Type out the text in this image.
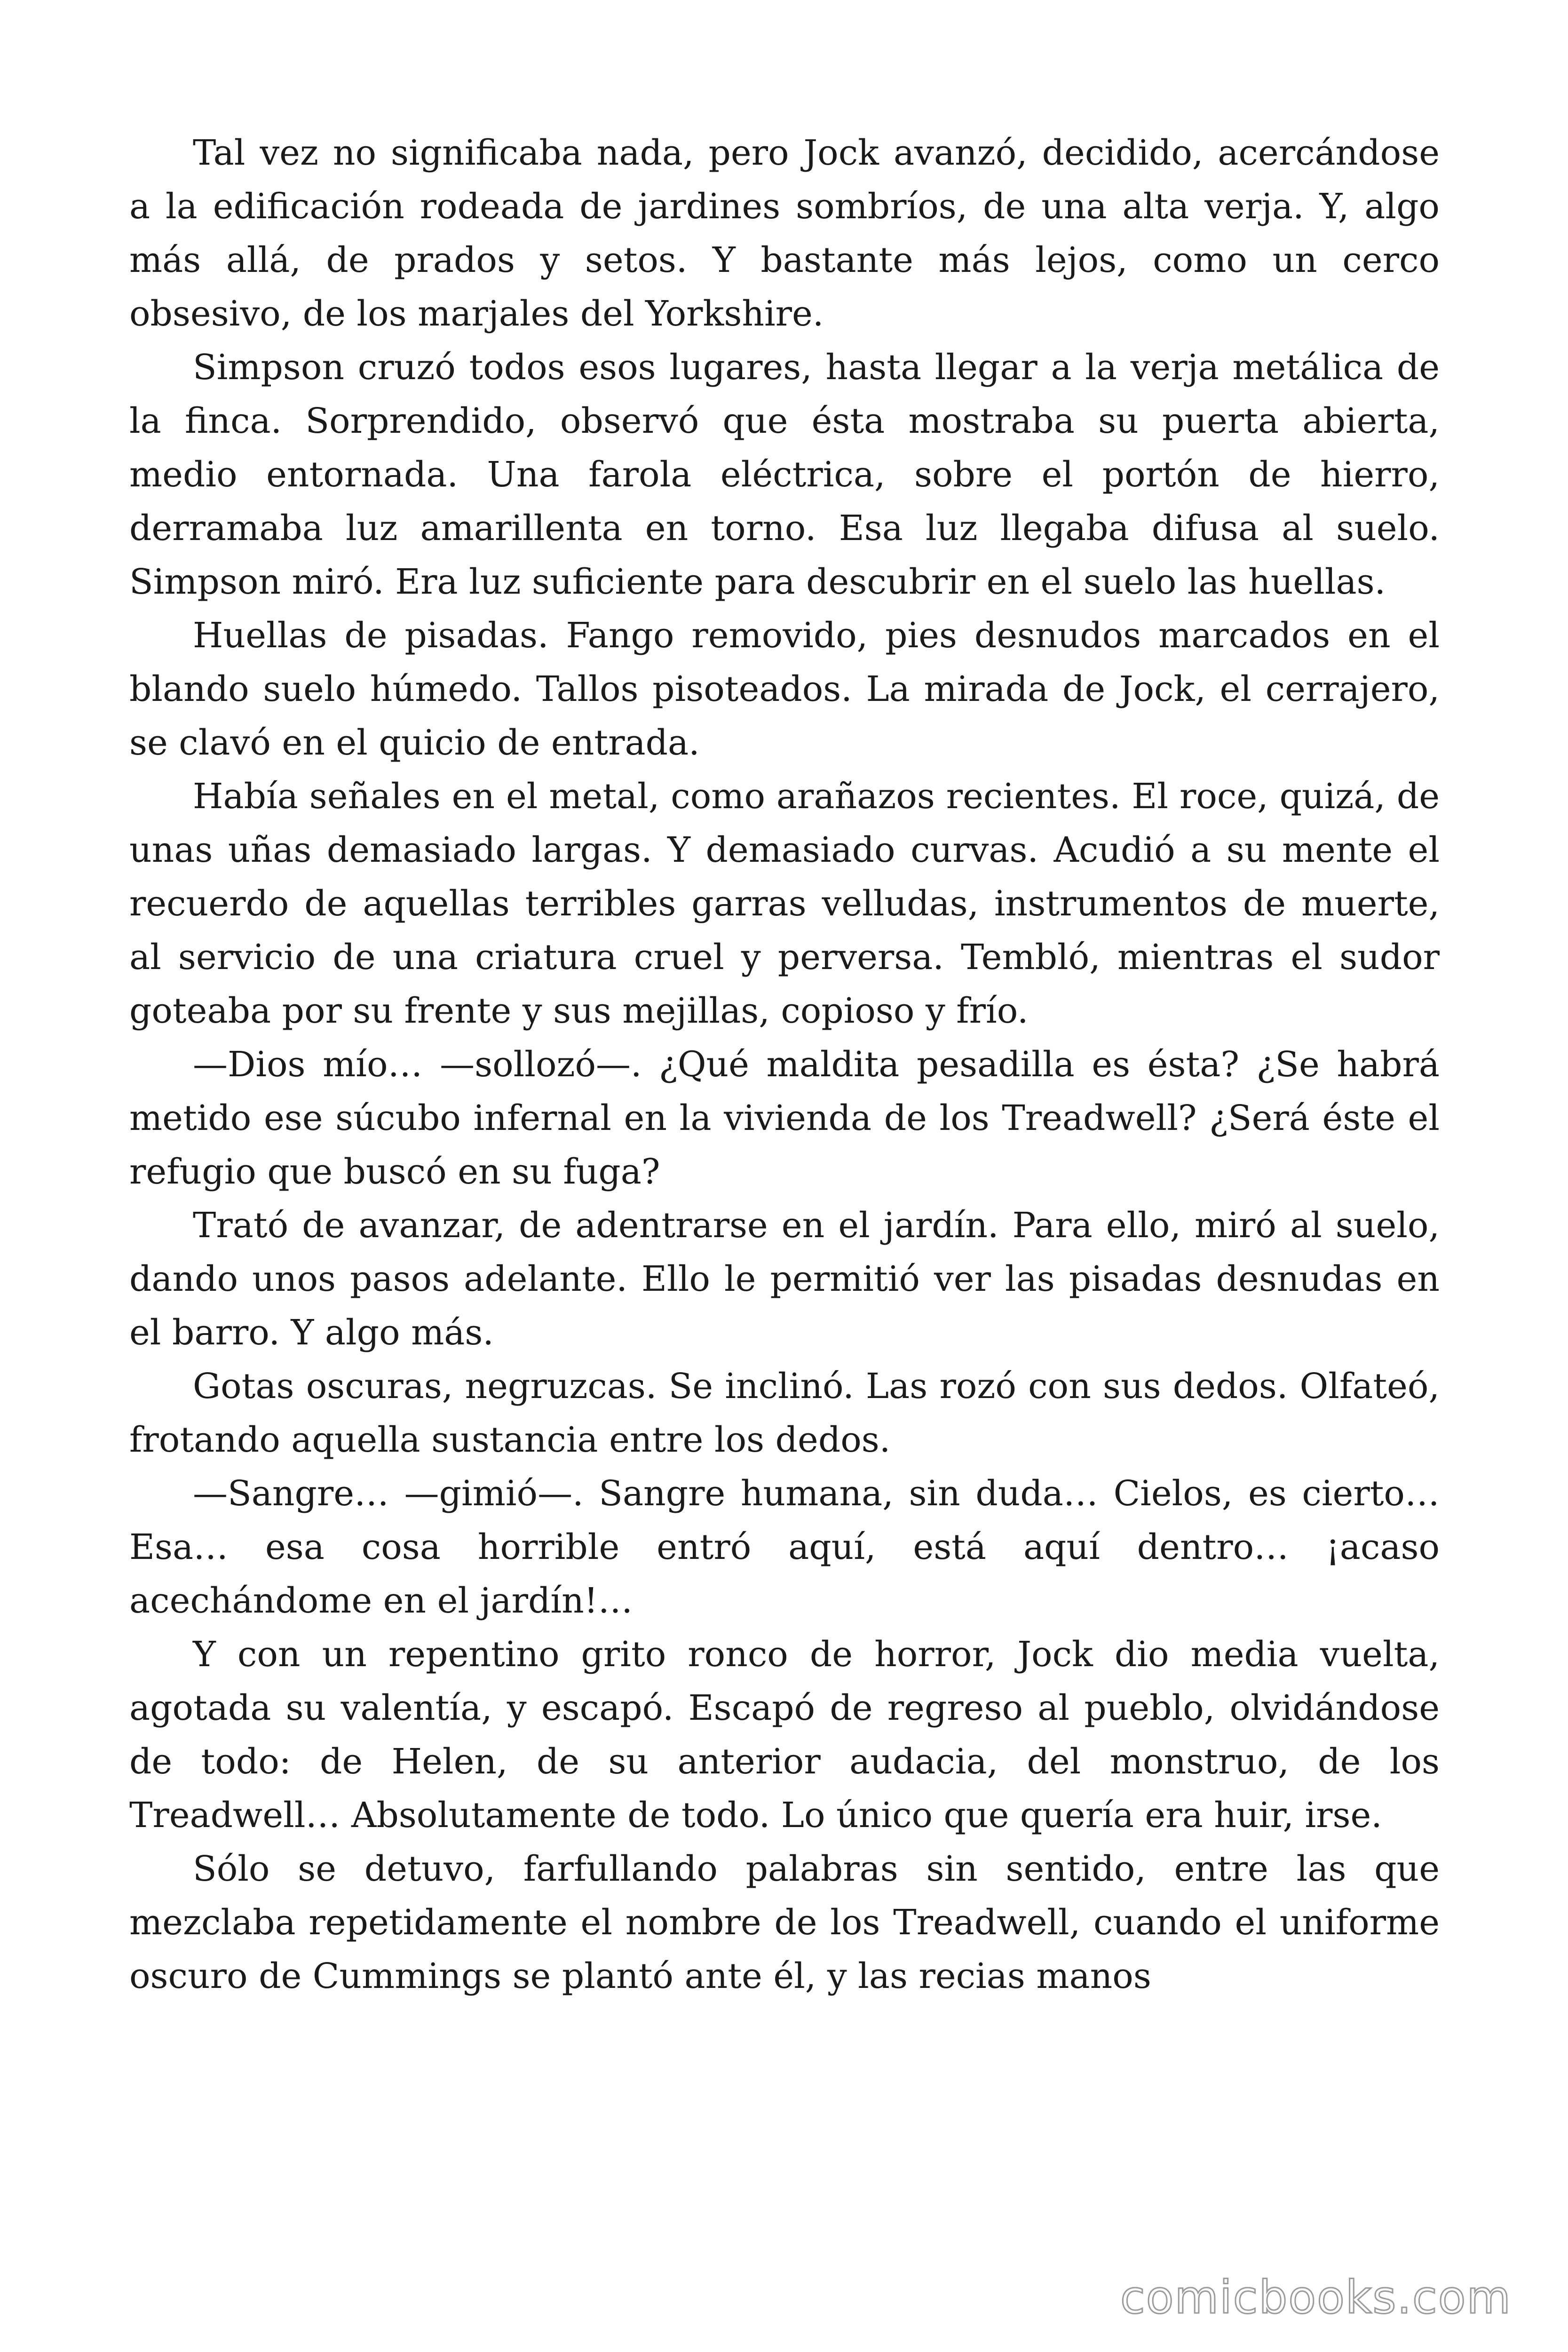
Tal vez no significaba nada, pero Jock avanzó, decidido, acercándose a la edificación rodeada de jardines sombríos, de una alta verja. Y, algo más allá, de prados y setos. Y bastante más lejos, como un cerco obsesivo, de los marjales del Yorkshire.

Simpson cruzó todos esos lugares, hasta llegar a la verja metálica de la finca. Sorprendido, observó que ésta mostraba su puerta abierta, medio entornada. Una farola eléctrica, sobre el portón de hierro, derramaba luz amarillenta en torno. Esa luz llegaba difusa al suelo. Simpson miró. Era luz suficiente para descubrir en el suelo las huellas.

Huellas de pisadas. Fango removido, pies desnudos marcados en el blando suelo húmedo. Tallos pisoteados. La mirada de Jock, el cerrajero, se clavó en el quicio de entrada.

Había señales en el metal, como arañazos recientes. El roce, quizá, de unas uñas demasiado largas. Y demasiado curvas. Acudió a su mente el recuerdo de aquellas terribles garras velludas, instrumentos de muerte, al servicio de una criatura cruel y perversa. Tembló, mientras el sudor goteaba por su frente y sus mejillas, copioso y frío.

—Dios mío… —sollozó—. ¿Qué maldita pesadilla es ésta? ¿Se habrá metido ese súcubo infernal en la vivienda de los Treadwell? ¿Será éste el refugio que buscó en su fuga?

Trató de avanzar, de adentrarse en el jardín. Para ello, miró al suelo, dando unos pasos adelante. Ello le permitió ver las pisadas desnudas en el barro. Y algo más.

Gotas oscuras, negruzcas. Se inclinó. Las rozó con sus dedos. Olfateó, frotando aquella sustancia entre los dedos.

—Sangre… —gimió—. Sangre humana, sin duda… Cielos, es cierto… Esa… esa cosa horrible entró aquí, está aquí dentro… ¡acaso acechándome en el jardín!…

Y con un repentino grito ronco de horror, Jock dio media vuelta, agotada su valentía, y escapó. Escapó de regreso al pueblo, olvidándose de todo: de Helen, de su anterior audacia, del monstruo, de los Treadwell… Absolutamente de todo. Lo único que quería era huir, irse.

Sólo se detuvo, farfullando palabras sin sentido, entre las que mezclaba repetidamente el nombre de los Treadwell, cuando el uniforme oscuro de Cummings se plantó ante él, y las recias manos

comicbooks.com
